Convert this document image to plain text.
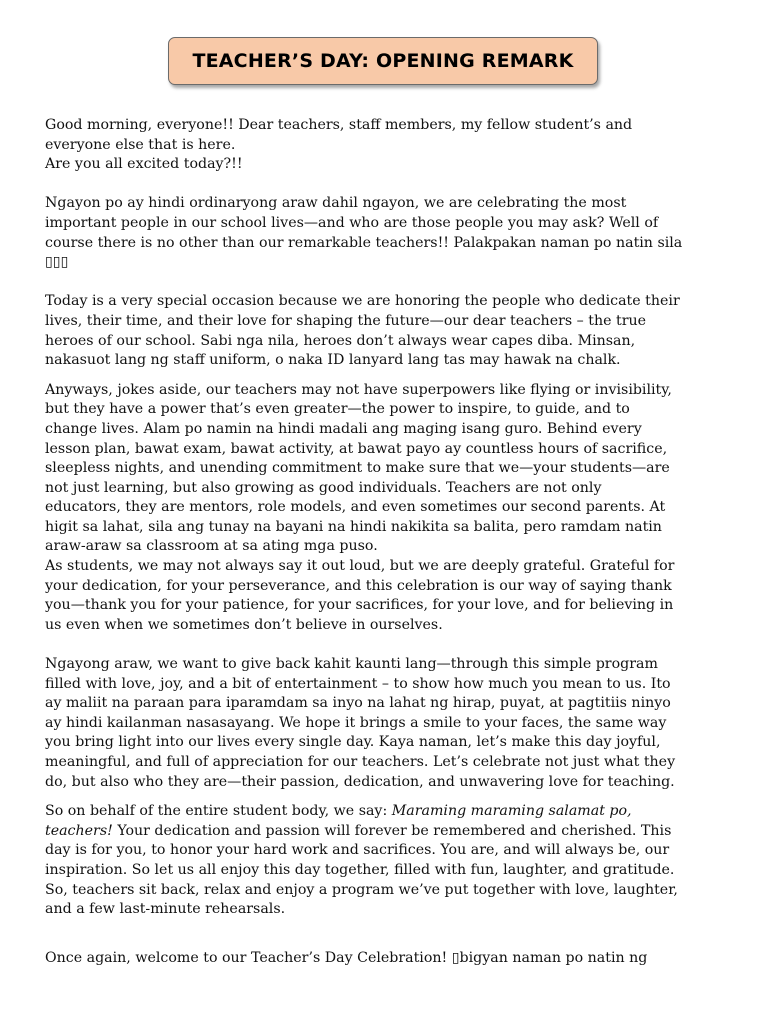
TEACHER’S DAY: OPENING REMARK

Good morning, everyone!! Dear teachers, staff members, my fellow student’s and
everyone else that is here.
Are you all excited today?!!

Ngayon po ay hindi ordinaryong araw dahil ngayon, we are celebrating the most
important people in our school lives—and who are those people you may ask? Well of
course there is no other than our remarkable teachers!! Palakpakan naman po natin sila
▯▯▯

Today is a very special occasion because we are honoring the people who dedicate their
lives, their time, and their love for shaping the future—our dear teachers – the true
heroes of our school. Sabi nga nila, heroes don’t always wear capes diba. Minsan,
nakasuot lang ng staff uniform, o naka ID lanyard lang tas may hawak na chalk.

Anyways, jokes aside, our teachers may not have superpowers like flying or invisibility,
but they have a power that’s even greater—the power to inspire, to guide, and to
change lives. Alam po namin na hindi madali ang maging isang guro. Behind every
lesson plan, bawat exam, bawat activity, at bawat payo ay countless hours of sacrifice,
sleepless nights, and unending commitment to make sure that we—your students—are
not just learning, but also growing as good individuals. Teachers are not only
educators, they are mentors, role models, and even sometimes our second parents. At
higit sa lahat, sila ang tunay na bayani na hindi nakikita sa balita, pero ramdam natin
araw-araw sa classroom at sa ating mga puso.
As students, we may not always say it out loud, but we are deeply grateful. Grateful for
your dedication, for your perseverance, and this celebration is our way of saying thank
you—thank you for your patience, for your sacrifices, for your love, and for believing in
us even when we sometimes don’t believe in ourselves.

Ngayong araw, we want to give back kahit kaunti lang—through this simple program
filled with love, joy, and a bit of entertainment – to show how much you mean to us. Ito
ay maliit na paraan para iparamdam sa inyo na lahat ng hirap, puyat, at pagtitiis ninyo
ay hindi kailanman nasasayang. We hope it brings a smile to your faces, the same way
you bring light into our lives every single day. Kaya naman, let’s make this day joyful,
meaningful, and full of appreciation for our teachers. Let’s celebrate not just what they
do, but also who they are—their passion, dedication, and unwavering love for teaching.

So on behalf of the entire student body, we say: Maraming maraming salamat po,
teachers! Your dedication and passion will forever be remembered and cherished. This
day is for you, to honor your hard work and sacrifices. You are, and will always be, our
inspiration. So let us all enjoy this day together, filled with fun, laughter, and gratitude.
So, teachers sit back, relax and enjoy a program we’ve put together with love, laughter,
and a few last-minute rehearsals.

Once again, welcome to our Teacher’s Day Celebration! ▯bigyan naman po natin ng
